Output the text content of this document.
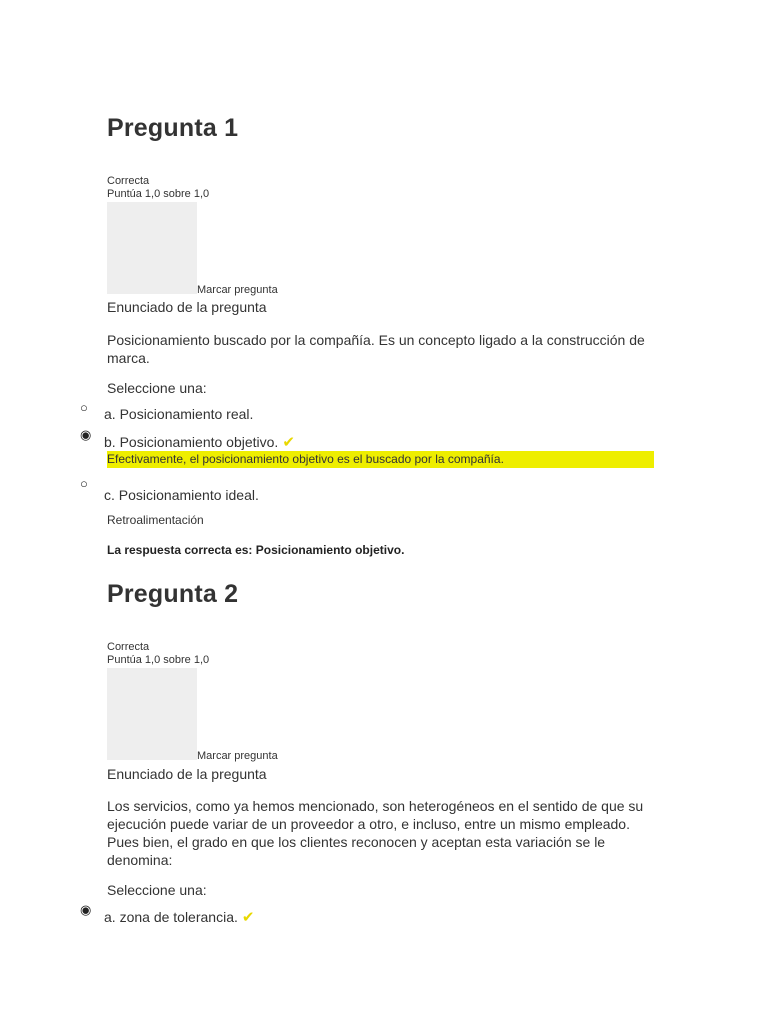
Pregunta 1
Correcta
Puntúa 1,0 sobre 1,0
Marcar pregunta
Enunciado de la pregunta
Posicionamiento buscado por la compañía. Es un concepto ligado a la construcción de marca.
Seleccione una:
○ a. Posicionamiento real.
◉ b. Posicionamiento objetivo. ✔
Efectivamente, el posicionamiento objetivo es el buscado por la compañía.
○
c. Posicionamiento ideal.
Retroalimentación
La respuesta correcta es: Posicionamiento objetivo.
Pregunta 2
Correcta
Puntúa 1,0 sobre 1,0
Marcar pregunta
Enunciado de la pregunta
Los servicios, como ya hemos mencionado, son heterogéneos en el sentido de que su ejecución puede variar de un proveedor a otro, e incluso, entre un mismo empleado. Pues bien, el grado en que los clientes reconocen y aceptan esta variación se le denomina:
Seleccione una:
◉ a. zona de tolerancia. ✔
